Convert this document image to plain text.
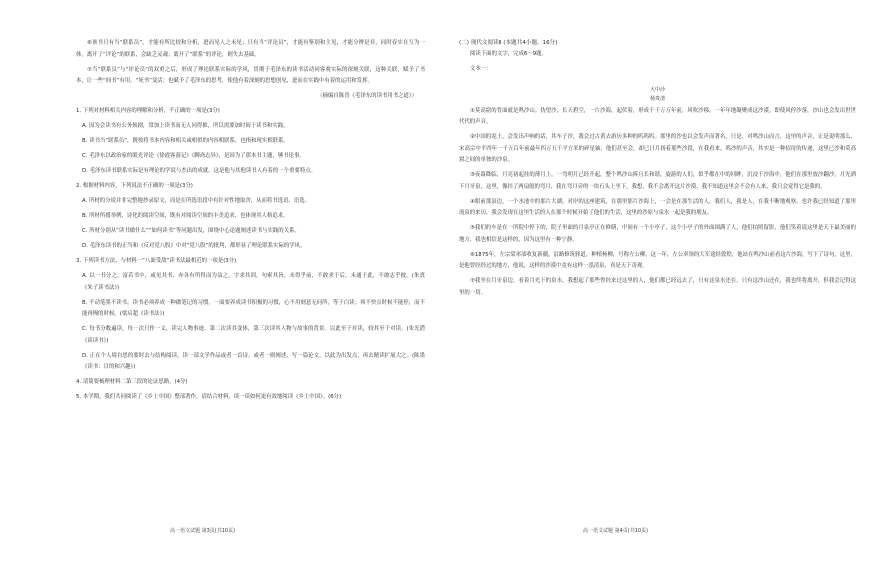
⑥该书只有当“联系员”，才能有所比较和分析，进而见人之未见；只有当“评论员”，才能有鉴别和主见，才能分辨是非，同时春实在互为一体。离开了“评论”的联系，会缺乏灵魂；离开了“联系”的评论，则失去基础。

⑦当“联系员”与“评论员”的双重之后，形成了理论联系实际的学风，贯彻于毛泽东的读书活动同客观实际的深刻关联，这种关联，赋予了书本，让一些“间书”有用，“死书”变活；也赋予了毛泽东的思考，使他有着深刻的思想创见，进而在实践中有着的运用和发挥。

（摘编自陈晋《毛泽东的读书用书之道》）

1. 下列对材料相关内容的理解和分析，不正确的一项是(3分)

A. 因为会读书有公务烦剧，常加上读书而无人同得推，所以需要加时间于读书和实践。

B. 读书当“联系员”，既按将书本内容和相关或相似的内容相联系，也指和现实相联系。

C. 毛泽东以政治家的眼光评论《徐霞客游记》《聊斋志异》，是因为了那本书主题，够书论事。

D. 毛泽东读书联系实际是有理论的学说与杰出的成就，这是他与其他读书人有着的一个重要特点。

2. 根据材料内容，下列说法不正确的一项是(3分)

A. 所材的分说并非完整地抄录原文，而是在所选语段中有针对性地取舍，从而将书选语、语选。

B. 所材所援举例，诗化的阅读空间，既有对阅读空间的丰美追求，也体现其人格追求。

C. 所材分别从“读书做什么”“如何读书”等问题出发，围绕中心论题阐述读书与实践的关系。

D. 毛泽东读书的正当和《反对党八股》中对“党八股”的批判，都彰显了理论联系实际的学风。

3. 下列读书方法，与材料一“八面受敌”读书法最相近的一项是(3分)

A. 以一书分之，富若书中，或见其书，亦各有所得而为益之。字求其训，句索其旨，未得乎前，不敢求于后，未通于此，不敢志乎彼。(朱熹《朱子读书法》)

B. 不动笔墨不读书，读书必须养成一种做笔记的习惯。一面要养成读书积极的习惯，心不用刻意无问所，等于白读；须不快点时候不能停，而不能再慢的时候。(梁启超《读书法》)

C. 每书分数遍读，每一次只作一义，读完人物事迹，第二次读其变体，第三次读其人物与故事的背景。以此至于对读，较其至于对读。(朱光潜《谈读书》)

D. 正在个人境自思的要时去与结构阅读，读一部文学作品或者一首诗，或者一则阐述，写一篇论文，以此为出发点，再去精读扩展大之。(陈墨《读书：目的和兴趣》)

4. 请简要梳理材料二第三段的论证思路。(4分)

5. 本学期，我们共同阅读了《乡土中国》整部著作，请结合材料，谈一谈如何更有效地阅读《乡土中国》。(6分)

高一语文试题 第3页(共10页)

(二) 现代文阅读Ⅱ (本题共4小题，16分)

阅读下面的文字，完成6～9题。

文本一：

大中沙

杨贵清

①莫高窟的背面就是鸣沙山。伪望沙，长天碧空，一片沙海，起伏着，形成千千万万年前，风吹沙移，一年年地凝聚成这沙漠。即使风停沙落，沙山也会发出世世代代的声音。

②中国的泥土，会发出声响的话，其车子沙，我会过古黄去游历多种的呜呜呜。那里的沙也以会发声而著名，只是，对鸣沙山而言，这里的声音，正是说明那么，宋高宗中平四年一千五百年前最年四万五千平方米的碎星轴，他们甚至会，却已日月扬着那些沙段，在我看来，呜沙的声音，其实是一种招待的传递，这里已沙和莫高窟之间的单独的沙泉。

③夜幕降临，月亮初起挂的薄月上，一弯明月已经升起，整个鸣沙山拆且长和谐，旋游的人们，似乎都在中的回眸，沉浸于沙海中，他们在那里放沙翻沙，月光洒下月牙泉，这里，像挂了两扇般的弯月，我在弯月旁的一块石头上坐下，我想，我不会离开这片沙漠，我不知道这里会不会有人来，我只会觉得它是我的。

④眼前那泉边，一个水池中的那片大湖，对岸的这座建筑，在那里那片沙海上，一会是在那生活的人，我们人，我是人，在我不断地观察，也许我已经知道了那里流泉的来历，我会发现在这里生活的人在那个时候开始了他们的生活，这里的沙原与泉水一起是我的朋友。

⑤我们的车是在一所院中停下的，院子里面的月泉亭正在修缮，中间有一个小亭子，这个小亭子的外面围满了人，他们拍照留影，他们笑着说这里是天下最美丽的地方，我也相信是这样的，因为这里有一种宁静。

⑥1875年，左宗棠率部收复新疆，沿路修筑驿道，种植杨柳，号称左公柳。这一年，左公率领的大军途经敦煌，他站在鸣沙山前看这片沙海，写下了诗句，这里，是他曾经经过的地方，他说，这样的沙漠中竟有这样一泓清泉，真是天下奇观。

⑦我坐在月牙泉边，看着月光下的泉水，我想起了那些曾经来过这里的人，他们都已经远去了，只有这泉水还在，只有这沙山还在，我也终将离开，但我会记得这里的一切。

高一语文试题 第4页(共10页)
